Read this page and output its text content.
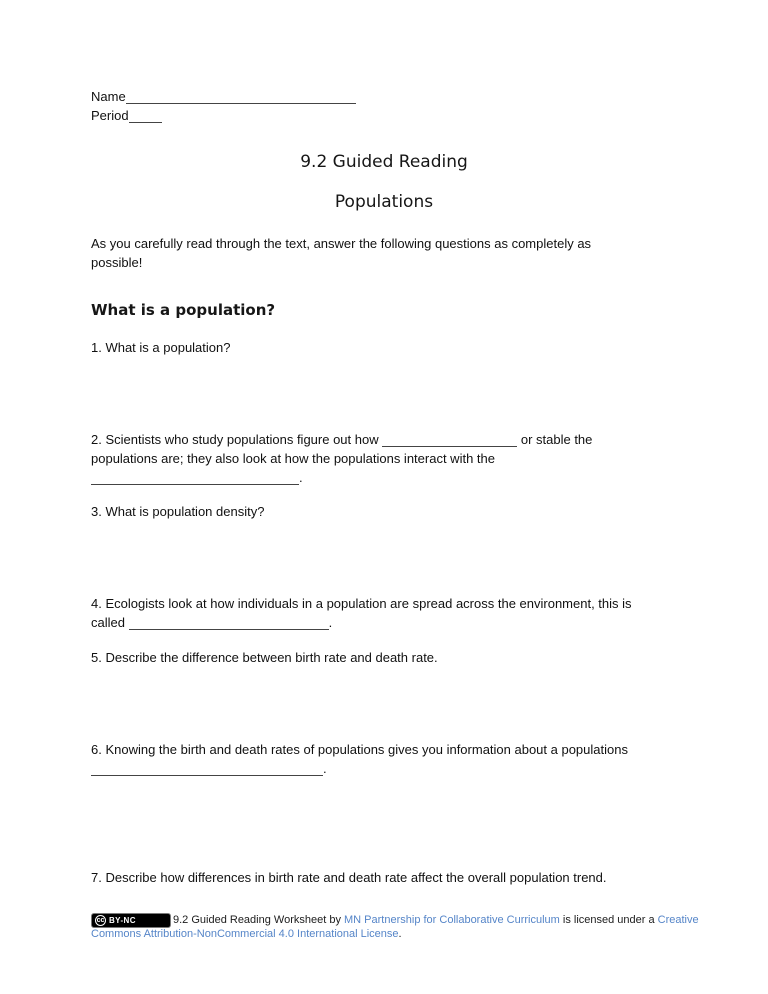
Name
Period
9.2 Guided Reading
Populations
As you carefully read through the text, answer the following questions as completely as
possible!
What is a population?
1. What is a population?
2. Scientists who study populations figure out how	or stable the
populations are; they also look at how the populations interact with the
.
3. What is population density?
4. Ecologists look at how individuals in a population are spread across the environment, this is
called	.
5. Describe the difference between birth rate and death rate.
6. Knowing the birth and death rates of populations gives you information about a populations
.
7. Describe how differences in birth rate and death rate affect the overall population trend.
cc BY-NC	9.2 Guided Reading Worksheet by MN Partnership for Collaborative Curriculum is licensed under a Creative
Commons Attribution-NonCommercial 4.0 International License.
